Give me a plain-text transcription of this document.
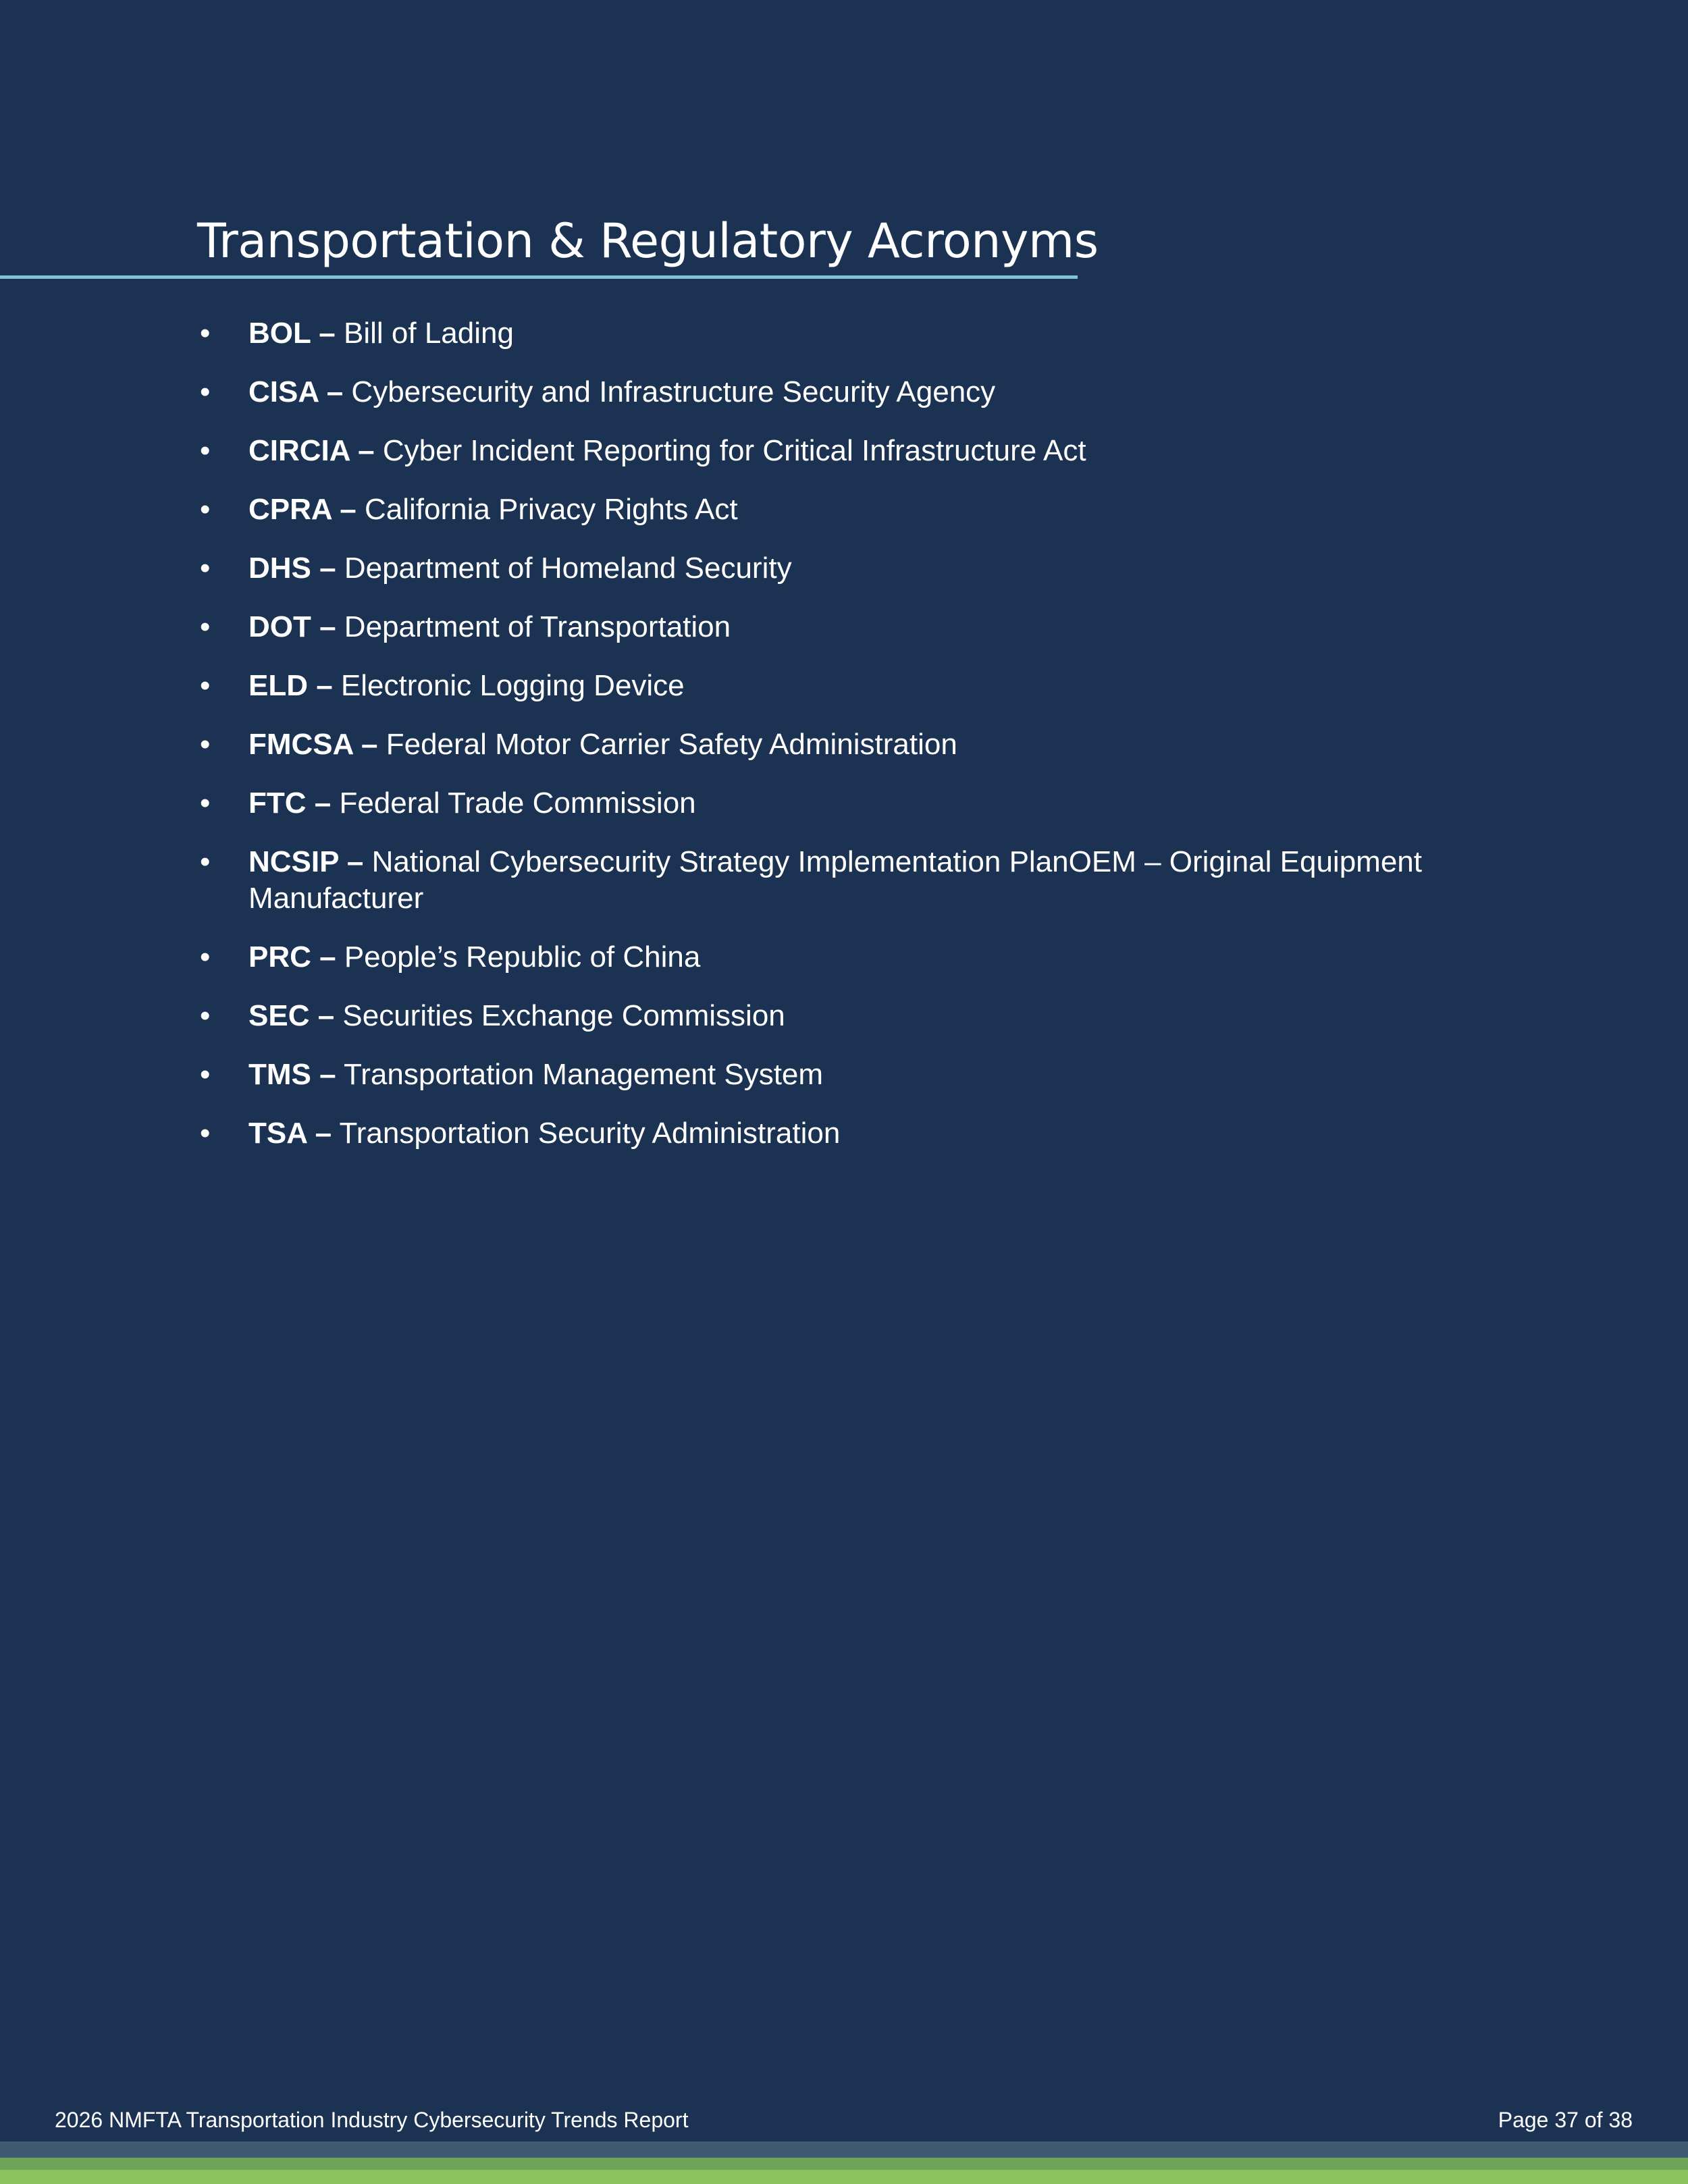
Transportation & Regulatory Acronyms
• BOL – Bill of Lading
• CISA – Cybersecurity and Infrastructure Security Agency
• CIRCIA – Cyber Incident Reporting for Critical Infrastructure Act
• CPRA – California Privacy Rights Act
• DHS – Department of Homeland Security
• DOT – Department of Transportation
• ELD – Electronic Logging Device
• FMCSA – Federal Motor Carrier Safety Administration
• FTC – Federal Trade Commission
• NCSIP – National Cybersecurity Strategy Implementation PlanOEM – Original Equipment Manufacturer
• PRC – People’s Republic of China
• SEC – Securities Exchange Commission
• TMS – Transportation Management System
• TSA – Transportation Security Administration
2026 NMFTA Transportation Industry Cybersecurity Trends Report	Page 37 of 38
